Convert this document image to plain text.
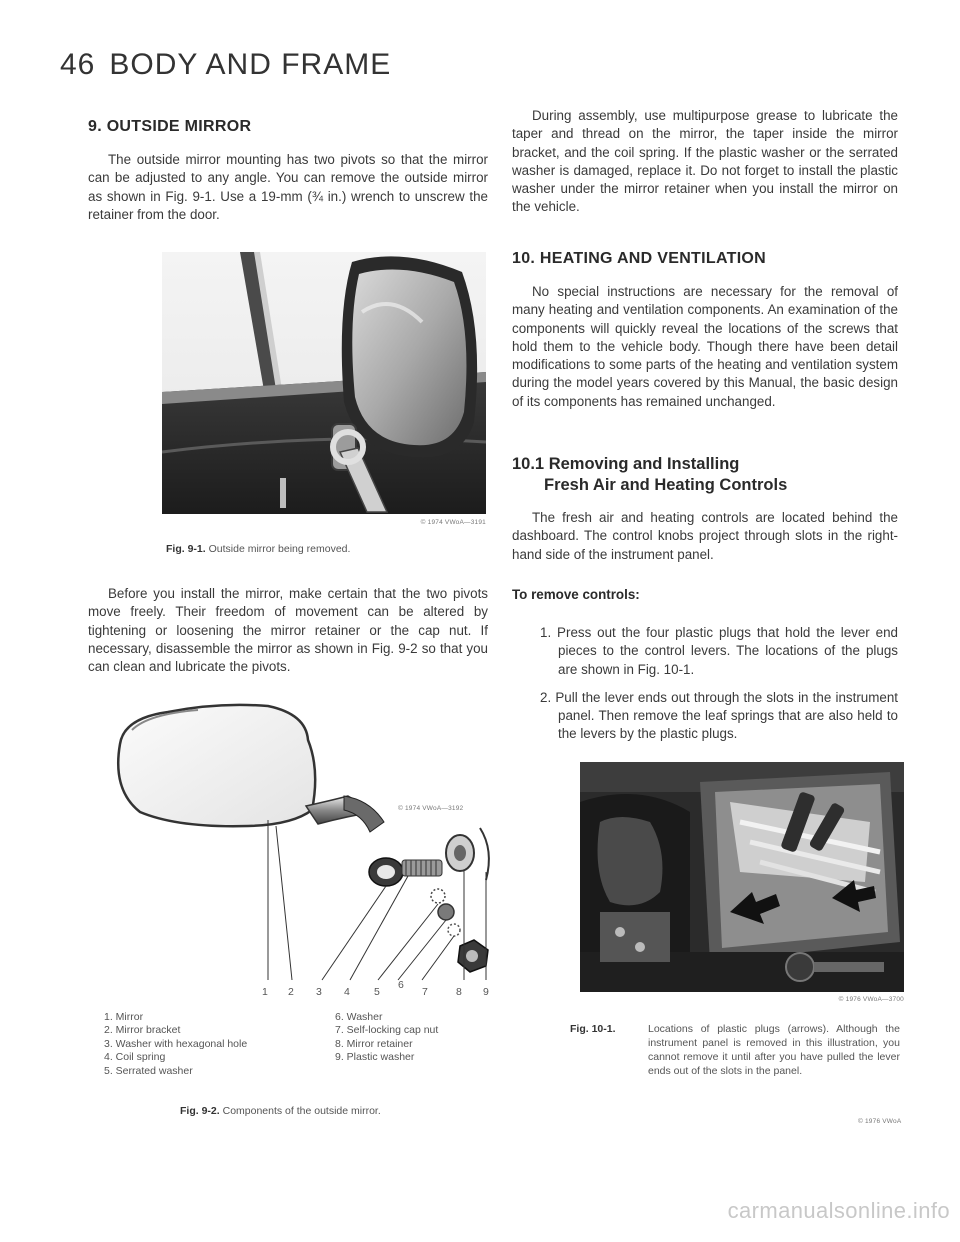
46 BODY AND FRAME
9. OUTSIDE MIRROR

The outside mirror mounting has two pivots so that the mirror can be adjusted to any angle. You can remove the outside mirror as shown in Fig. 9-1. Use a 19-mm (¾ in.) wrench to unscrew the retainer from the door.

© 1974 VWoA—3191
Fig. 9-1. Outside mirror being removed.

Before you install the mirror, make certain that the two pivots move freely. Their freedom of movement can be altered by tightening or loosening the mirror retainer or the cap nut. If necessary, disassemble the mirror as shown in Fig. 9-2 so that you can clean and lubricate the pivots.

© 1974 VWoA—3192
1 2 3 4 5
6
7	8 9
1. Mirror
2. Mirror bracket
3. Washer with hexagonal hole
4. Coil spring
5. Serrated washer
6. Washer
7. Self-locking cap nut
8. Mirror retainer
9. Plastic washer
Fig. 9-2. Components of the outside mirror.

During assembly, use multipurpose grease to lubricate the taper and thread on the mirror, the taper inside the mirror bracket, and the coil spring. If the plastic washer or the serrated washer is damaged, replace it. Do not forget to install the plastic washer under the mirror retainer when you install the mirror on the vehicle.

10. HEATING AND VENTILATION

No special instructions are necessary for the removal of many heating and ventilation components. An examination of the components will quickly reveal the locations of the screws that hold them to the vehicle body. Though there have been detail modifications to some parts of the heating and ventilation system during the model years covered by this Manual, the basic design of its components has remained unchanged.

10.1 Removing and Installing
Fresh Air and Heating Controls

The fresh air and heating controls are located behind the dashboard. The control knobs project through slots in the right-hand side of the instrument panel.

To remove controls:
1. Press out the four plastic plugs that hold the lever end pieces to the control levers. The locations of the plugs are shown in Fig. 10-1.
2. Pull the lever ends out through the slots in the instrument panel. Then remove the leaf springs that are also held to the levers by the plastic plugs.
© 1976 VWoA—3700
Fig. 10-1.	Locations of plastic plugs (arrows). Although the instrument panel is removed in this illustration, you cannot remove it until after you have pulled the lever ends out of the slots in the panel.
© 1976 VWoA
carmanualsonline.info
